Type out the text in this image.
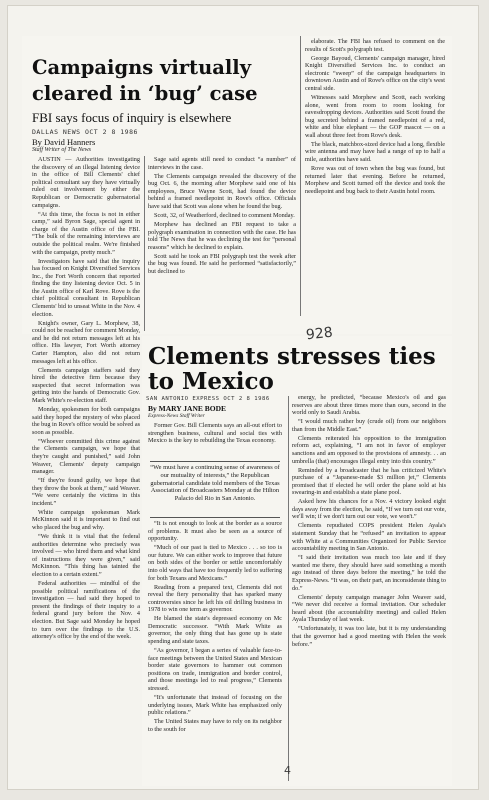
Campaigns virtually
cleared in ‘bug’ case
FBI says focus of inquiry is elsewhere
DALLAS NEWS OCT 2 8 1986
By David Hanners
Staff Writer of The News

AUSTIN — Authorities investigating the discovery of an illegal listening device in the office of Bill Clements' chief political consultant say they have virtually ruled out involvement by either the Republican or Democratic gubernatorial campaigns.

“At this time, the focus is not in either camp,” said Byron Sage, special agent in charge of the Austin office of the FBI. “The bulk of the remaining interviews are outside the political realm. We're finished with the campaign, pretty much.”

Investigators have said that the inquiry has focused on Knight Diversified Services Inc., the Fort Worth concern that reported finding the tiny listening device Oct. 5 in the Austin office of Karl Rove. Rove is the chief political consultant in Republican Clements' bid to unseat White in the Nov. 4 election.

Knight's owner, Gary L. Morphew, 38, could not be reached for comment Monday, and he did not return messages left at his office. His lawyer, Fort Worth attorney Carter Hampton, also did not return messages left at his office.

Clements campaign staffers said they hired the detective firm because they suspected that secret information was getting into the hands of Democratic Gov. Mark White's re-election staff.

Monday, spokesmen for both campaigns said they hoped the mystery of who placed the bug in Rove's office would be solved as soon as possible.

“Whoever committed this crime against the Clements campaign, we hope that they're caught and punished,” said John Weaver, Clements' deputy campaign manager.

“If they're found guilty, we hope that they throw the book at them,” said Weaver. “We were certainly the victims in this incident.”

White campaign spokesman Mark McKinnon said it is important to find out who placed the bug and why.

“We think it is vital that the federal authorities determine who precisely was involved — who hired them and what kind of instructions they were given,” said McKinnon. “This thing has tainted the election to a certain extent.”

Federal authorities — mindful of the possible political ramifications of the investigation — had said they hoped to present the findings of their inquiry to a federal grand jury before the Nov. 4 election. But Sage said Monday he hoped to turn over the findings to the U.S. attorney's office by the end of the week.

Sage said agents still need to conduct “a number” of interviews in the case.

The Clements campaign revealed the discovery of the bug Oct. 6, the morning after Morphew said one of his employees, Bruce Wayne Scott, had found the device behind a framed needlepoint in Rove's office. Officials have said that Scott was alone when he found the bug.

Scott, 32, of Weatherford, declined to comment Monday.

Morphew has declined an FBI request to take a polygraph examination in connection with the case. He has told The News that he was declining the test for “personal reasons” which he declined to explain.

Scott said he took an FBI polygraph test the week after the bug was found. He said he performed “satisfactorily,” but declined to

elaborate. The FBI has refused to comment on the results of Scott's polygraph test.

George Bayoud, Clements' campaign manager, hired Knight Diversified Services Inc. to conduct an electronic “sweep” of the campaign headquarters in downtown Austin and of Rove's office on the city's west central side.

Witnesses said Morphew and Scott, each working alone, went from room to room looking for eavesdropping devices. Authorities said Scott found the bug secreted behind a framed needlepoint of a red, white and blue elephant — the GOP mascot — on a wall about three feet from Rove's desk.

The black, matchbox-sized device had a long, flexible wire antenna and may have had a range of up to half a mile, authorities have said.

Rove was out of town when the bug was found, but returned later that evening. Before he returned, Morphew and Scott turned off the device and took the needlepoint and bug back to their Austin hotel room.

928
Clements stresses ties
to Mexico
SAN ANTONIO EXPRESS OCT 2 8 1986
By MARY JANE BODE
Express-News Staff Writer

Former Gov. Bill Clements says an all-out effort to strengthen business, cultural and social ties with Mexico is the key to rebuilding the Texas economy.

“We must have a continuing sense of awareness of our mutuality of interests,” the Republican gubernatorial candidate told members of the Texas Association of Broadcasters Monday at the Hilton Palacio del Rio in San Antonio.

“It is not enough to look at the border as a source of problems. It must also be seen as a source of opportunity.

“Much of our past is tied to Mexico . . . so too is our future. We can either work to improve that future on both sides of the border or settle uncomfortably into old ways that have too frequently led to suffering for both Texans and Mexicans.”

Reading from a prepared text, Clements did not reveal the fiery personality that has sparked many controversies since he left his oil drilling business in 1978 to win one term as governor.

He blamed the state's depressed economy on Mc Democratic successor. “With Mark White as governor, the only thing that has gone up is state spending and state taxes.

“As governor, I began a series of valuable face-to-face meetings between the United States and Mexican border state governors to hammer out common positions on trade, immigration and border control, and those meetings led to real progress,” Clements stressed.

“It's unfortunate that instead of focusing on the underlying issues, Mark White has emphasized only public relations.”

The United States may have to rely on its neighbor to the south for

energy, he predicted, “because Mexico's oil and gas reserves are about three times more than ours, second in the world only to Saudi Arabia.

“I would much rather buy (crude oil) from our neighbors than from the Middle East.”

Clements reiterated his opposition to the immigration reform act, explaining, “I am not in favor of employer sanctions and am opposed to the provisions of amnesty. . . an umbrella (that) encourages illegal entry into this country.”

Reminded by a broadcaster that he has criticized White's purchase of a “Japanese-made $3 million jet,” Clements promised that if elected he will order the plane sold at his swearing-in and establish a state plane pool.

Asked how his chances for a Nov. 4 victory looked eight days away from the election, he said, “If we turn out our vote, we'll win; if we don't turn out our vote, we won't.”

Clements repudiated COPS president Helen Ayala's statement Sunday that he “refused” an invitation to appear with White at a Communities Organized for Public Service accountability meeting in San Antonio.

“I said their invitation was much too late and if they wanted me there, they should have said something a month ago instead of three days before the meeting,” he told the Express-News. “It was, on their part, an inconsiderate thing to do.”

Clements' deputy campaign manager John Weaver said, “We never did receive a formal invitation. Our scheduler heard about (the accountability meeting) and called Helen Ayala Thursday of last week.

“Unfortunately, it was too late, but it is my understanding that the governor had a good meeting with Helen the week before.”

4
